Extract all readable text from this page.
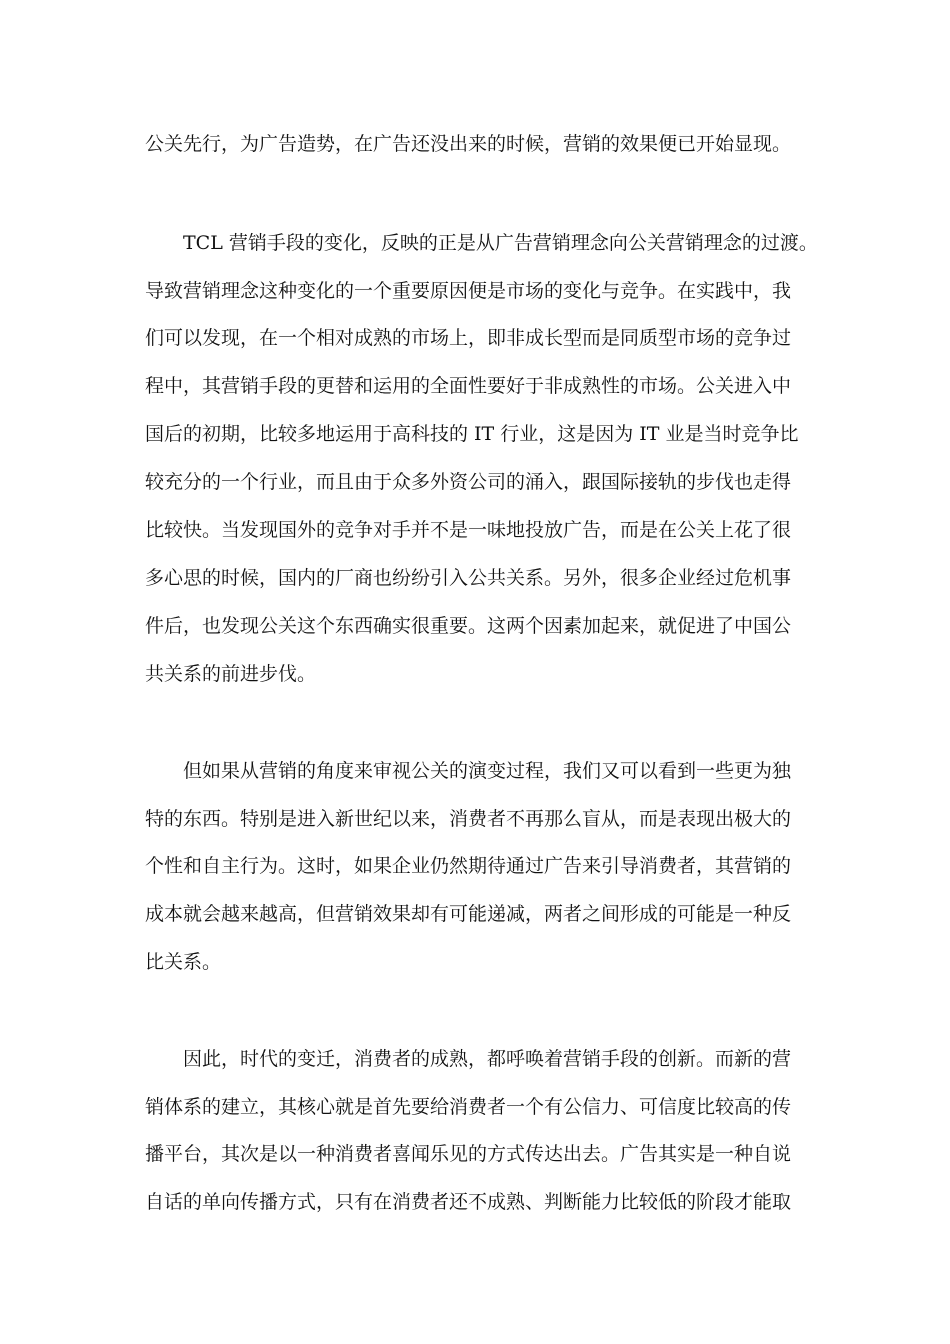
公关先行，为广告造势，在广告还没出来的时候，营销的效果便已开始显现。

TCL 营销手段的变化，反映的正是从广告营销理念向公关营销理念的过渡。

导致营销理念这种变化的一个重要原因便是市场的变化与竞争。在实践中，我

们可以发现，在一个相对成熟的市场上，即非成长型而是同质型市场的竞争过

程中，其营销手段的更替和运用的全面性要好于非成熟性的市场。公关进入中

国后的初期，比较多地运用于高科技的 IT 行业，这是因为 IT 业是当时竞争比

较充分的一个行业，而且由于众多外资公司的涌入，跟国际接轨的步伐也走得

比较快。当发现国外的竞争对手并不是一味地投放广告，而是在公关上花了很

多心思的时候，国内的厂商也纷纷引入公共关系。另外，很多企业经过危机事

件后，也发现公关这个东西确实很重要。这两个因素加起来，就促进了中国公

共关系的前进步伐。

但如果从营销的角度来审视公关的演变过程，我们又可以看到一些更为独

特的东西。特别是进入新世纪以来，消费者不再那么盲从，而是表现出极大的

个性和自主行为。这时，如果企业仍然期待通过广告来引导消费者，其营销的

成本就会越来越高，但营销效果却有可能递减，两者之间形成的可能是一种反

比关系。

因此，时代的变迁，消费者的成熟，都呼唤着营销手段的创新。而新的营

销体系的建立，其核心就是首先要给消费者一个有公信力、可信度比较高的传

播平台，其次是以一种消费者喜闻乐见的方式传达出去。广告其实是一种自说

自话的单向传播方式，只有在消费者还不成熟、判断能力比较低的阶段才能取
